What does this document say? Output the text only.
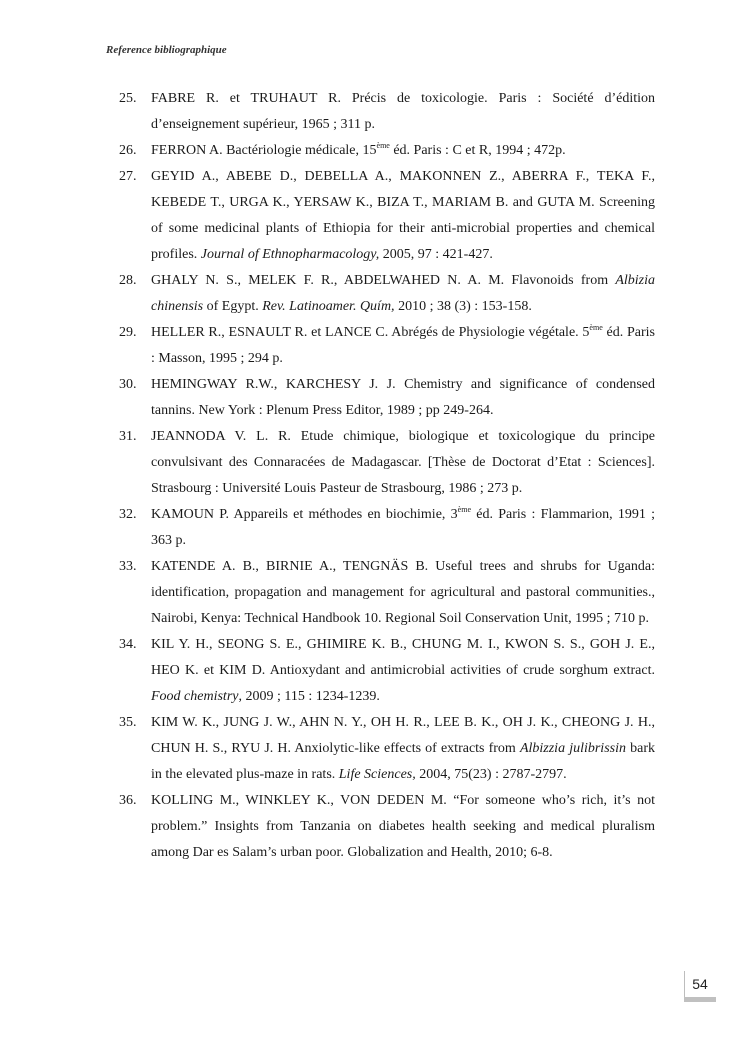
Reference bibliographique
25.	FABRE R. et TRUHAUT R. Précis de toxicologie. Paris : Société d’édition d’enseignement supérieur, 1965 ; 311 p.
26.	FERRON A. Bactériologie médicale, 15ème éd. Paris : C et R, 1994 ; 472p.
27.	GEYID A., ABEBE D., DEBELLA A., MAKONNEN Z., ABERRA F., TEKA F., KEBEDE T., URGA K., YERSAW K., BIZA T., MARIAM B. and GUTA M. Screening of some medicinal plants of Ethiopia for their anti-microbial properties and chemical profiles. Journal of Ethnopharmacology, 2005, 97 : 421-427.
28.	GHALY N. S., MELEK F. R., ABDELWAHED N. A. M. Flavonoids from Albizia chinensis of Egypt. Rev. Latinoamer. Quím, 2010 ; 38 (3) : 153-158.
29.	HELLER R., ESNAULT R. et LANCE C. Abrégés de Physiologie végétale. 5ème éd. Paris : Masson, 1995 ; 294 p.
30.	HEMINGWAY R.W., KARCHESY J. J. Chemistry and significance of condensed tannins. New York : Plenum Press Editor, 1989 ; pp 249-264.
31.	JEANNODA V. L. R. Etude chimique, biologique et toxicologique du principe convulsivant des Connaracées de Madagascar. [Thèse de Doctorat d’Etat : Sciences]. Strasbourg : Université Louis Pasteur de Strasbourg, 1986 ; 273 p.
32.	KAMOUN P. Appareils et méthodes en biochimie, 3ème éd. Paris : Flammarion, 1991 ; 363 p.
33.	KATENDE A. B., BIRNIE A., TENGNÄS B. Useful trees and shrubs for Uganda: identification, propagation and management for agricultural and pastoral communities., Nairobi, Kenya: Technical Handbook 10. Regional Soil Conservation Unit, 1995 ; 710 p.
34.	KIL Y. H., SEONG S. E., GHIMIRE K. B., CHUNG M. I., KWON S. S., GOH J. E., HEO K. et KIM D. Antioxydant and antimicrobial activities of crude sorghum extract. Food chemistry, 2009 ; 115 : 1234-1239.
35.	KIM W. K., JUNG J. W., AHN N. Y., OH H. R., LEE B. K., OH J. K., CHEONG J. H., CHUN H. S., RYU J. H. Anxiolytic-like effects of extracts from Albizzia julibrissin bark in the elevated plus-maze in rats. Life Sciences, 2004, 75(23) : 2787-2797.
36.	KOLLING M., WINKLEY K., VON DEDEN M. “For someone who’s rich, it’s not problem.” Insights from Tanzania on diabetes health seeking and medical pluralism among Dar es Salam’s urban poor. Globalization and Health, 2010; 6-8.
54
